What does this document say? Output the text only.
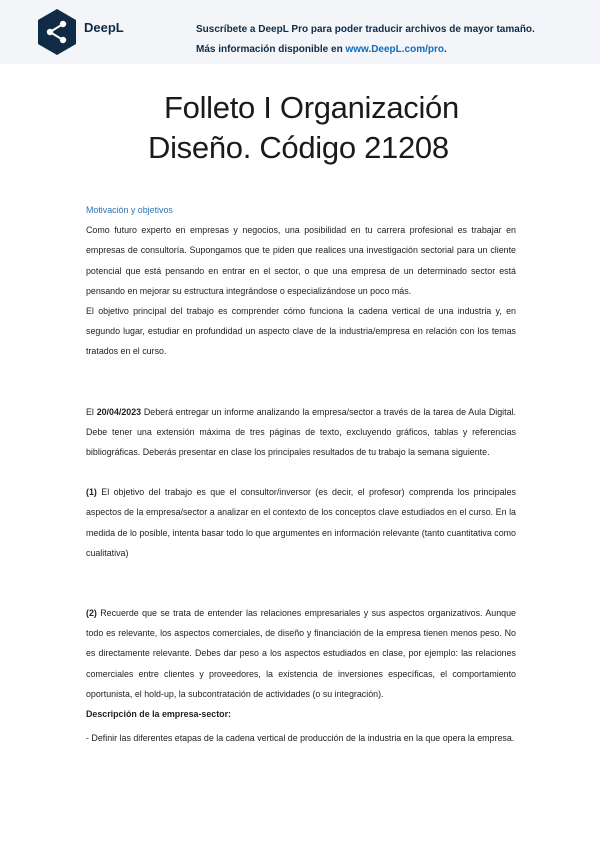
DeepL	Suscríbete a DeepL Pro para poder traducir archivos de mayor tamaño.
Más información disponible en www.DeepL.com/pro.
Folleto I Organización
Diseño. Código 21208

Motivación y objetivos

Como futuro experto en empresas y negocios, una posibilidad en tu carrera profesional es trabajar en empresas de consultoría. Supongamos que te piden que realices una investigación sectorial para un cliente potencial que está pensando en entrar en el sector, o que una empresa de un determinado sector está pensando en mejorar su estructura integrándose o especializándose un poco más.

El objetivo principal del trabajo es comprender cómo funciona la cadena vertical de una industria y, en segundo lugar, estudiar en profundidad un aspecto clave de la industria/empresa en relación con los temas tratados en el curso.

El 20/04/2023 Deberá entregar un informe analizando la empresa/sector a través de la tarea de Aula Digital. Debe tener una extensión máxima de tres páginas de texto, excluyendo gráficos, tablas y referencias bibliográficas. Deberás presentar en clase los principales resultados de tu trabajo la semana siguiente.

(1) El objetivo del trabajo es que el consultor/inversor (es decir, el profesor) comprenda los principales aspectos de la empresa/sector a analizar en el contexto de los conceptos clave estudiados en el curso. En la medida de lo posible, intenta basar todo lo que argumentes en información relevante (tanto cuantitativa como cualitativa)

(2) Recuerde que se trata de entender las relaciones empresariales y sus aspectos organizativos. Aunque todo es relevante, los aspectos comerciales, de diseño y financiación de la empresa tienen menos peso. No es directamente relevante. Debes dar peso a los aspectos estudiados en clase, por ejemplo: las relaciones comerciales entre clientes y proveedores, la existencia de inversiones específicas, el comportamiento oportunista, el hold-up, la subcontratación de actividades (o su integración).

Descripción de la empresa-sector:

- Definir las diferentes etapas de la cadena vertical de producción de la industria en la que opera la empresa.
